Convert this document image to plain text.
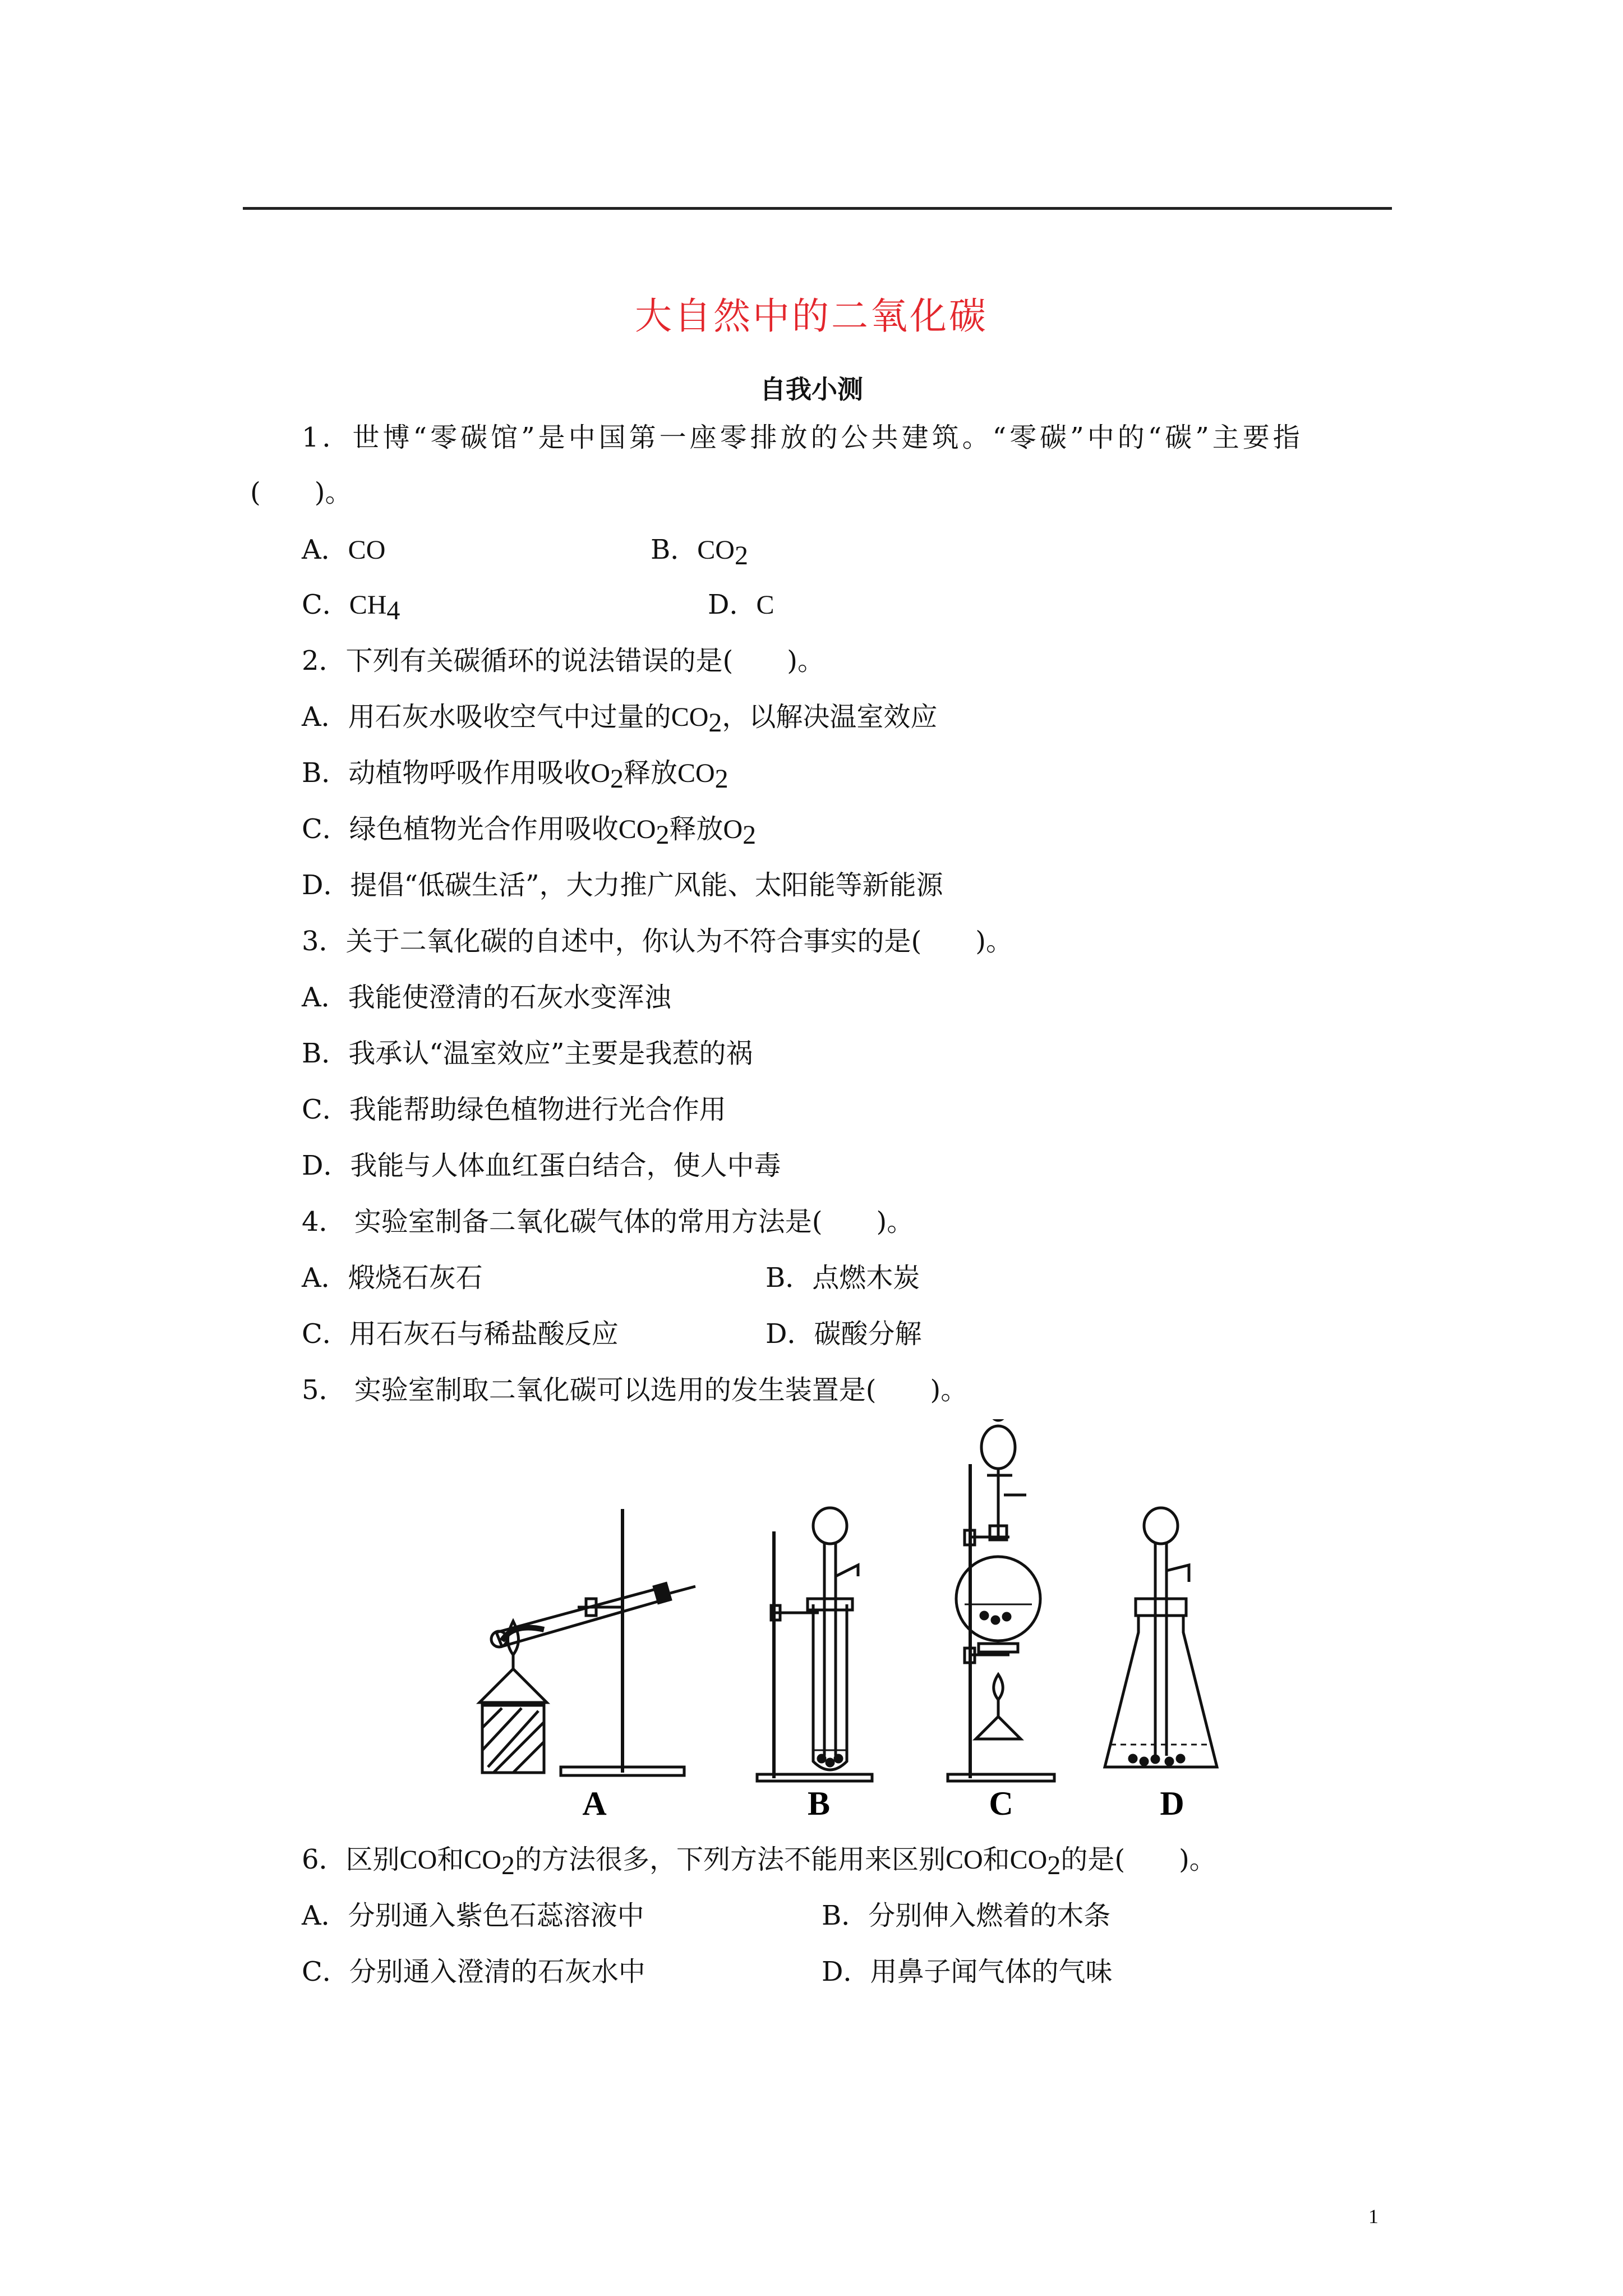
大自然中的二氧化碳
自我小测
1．世博“零碳馆”是中国第一座零排放的公共建筑。“零碳”中的“碳”主要指
(　　)。
A．CO	B．$CO_2$
C．$CH_4$	D．C
2．下列有关碳循环的说法错误的是(　　)。
A．用石灰水吸收空气中过量的$CO_2$，以解决温室效应
B．动植物呼吸作用吸收$O_2$释放$CO_2$
C．绿色植物光合作用吸收$CO_2$释放$O_2$
D．提倡“低碳生活”，大力推广风能、太阳能等新能源
3．关于二氧化碳的自述中，你认为不符合事实的是(　　)。
A．我能使澄清的石灰水变浑浊
B．我承认“温室效应”主要是我惹的祸
C．我能帮助绿色植物进行光合作用
D．我能与人体血红蛋白结合，使人中毒
4． 实验室制备二氧化碳气体的常用方法是(　　)。
A．煅烧石灰石	B．点燃木炭
C．用石灰石与稀盐酸反应	D．碳酸分解
5． 实验室制取二氧化碳可以选用的发生装置是(　　)。
A	B	C	D
6．区别CO和$CO_2$的方法很多，下列方法不能用来区别CO和$CO_2$的是(　　)。
A．分别通入紫色石蕊溶液中	B．分别伸入燃着的木条
C．分别通入澄清的石灰水中	D．用鼻子闻气体的气味
1
